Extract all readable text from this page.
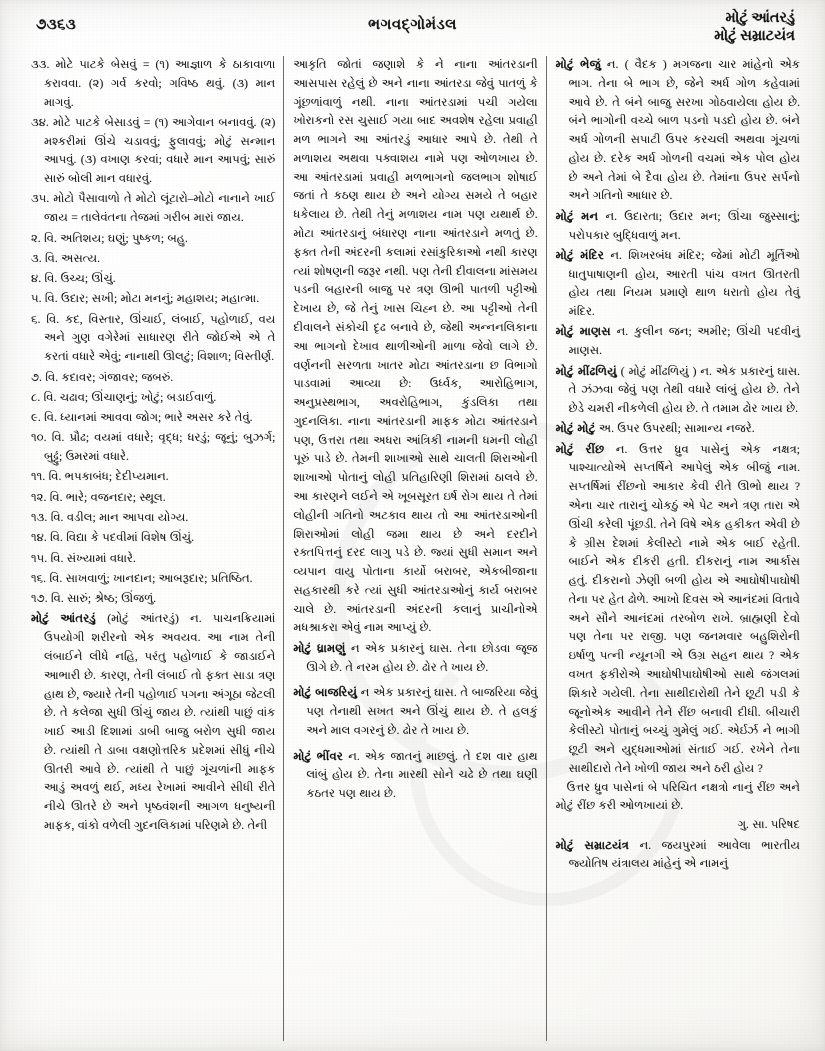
૭૩૬૩	ભગવદ્ગોમંડલ	મોટું આંતરડું
મોટું સમ્રાટયંત્ર

૩૩. મોટે પાટકે બેસવું = (૧) આજ્ઞાળ કે ઠાકાવાળા કરાવવા. (૨) ગર્વ કરવો; ગવિષ્ઠ થવું. (૩) માન માગવું.

૩૪. મોટે પાટકે બેસાડવું = (૧) આગેવાન બનાવવું. (૨) મશ્કરીમાં ઊંચે ચડાવવું; ફુલાવવું; મોટું સન્માન આપવું. (૩) વખાણ કરવાં; વધારે માન આપવું; સારું સારું બોલી માન વધારવું.

૩૫. મોટો પૈસાવાળો તે મોટો લૂંટારો–મોટો નાનાને ખાઈ જાય = તાલેવંતના તેજમાં ગરીબ મારાં જાય.

૨. વિ. અતિશય; ઘણું; પુષ્કળ; બહુ.

૩. વિ. અસત્ય.

૪. વિ. ઉચ્ચ; ઊંચું.

૫. વિ. ઉદાર; સખી; મોટા મનનું; મહાશય; મહાત્મા.

૬. વિ. કદ, વિસ્તાર, ઊંચાઈ, લંબાઈ, પહોળાઈ, વય અને ગુણ વગેરેમાં સાધારણ રીતે જોઈએ એ તે કરતાં વધારે એવું; નાનાથી ઊલટું; વિશાળ; વિસ્તીર્ણ.

૭. વિ. કદાવર; ગંજાવર; જબરું.

૮. વિ. ચઢાવ; ઊંચાણનું; ખોટું; બડાઈવાળું.

૯. વિ. ધ્યાનમાં આવવા જોગ; ભારે અસર કરે તેવું.

૧૦. વિ. પ્રૌઢ; વયમાં વધારે; વૃદ્ધ; ધરડું; જૂનું; બુઝર્ગ; બુઢ્ઢું; ઉમરમાં વધારે.

૧૧. વિ. ભપકાબંધ; દેદીપ્યમાન.

૧૨. વિ. ભારે; વજનદાર; સ્થૂલ.

૧૩. વિ. વડીલ; માન આપવા યોગ્ય.

૧૪. વિ. વિદ્યા કે પદવીમાં વિશેષ ઊંચું.

૧૫. વિ. સંખ્યામાં વધારે.

૧૬. વિ. સાખવાળું; ખાનદાન; આબરૂદાર; પ્રતિષ્ઠિત.

૧૭. વિ. સારું; શ્રેષ્ઠ; ઊંજળું.

મોટું આંતરડું (મોટું આંતરડું) ન. પાચનક્રિયામાં ઉપયોગી શરીરનો એક અવયવ. આ નામ તેની લંબાઈને લીધે નહિ, પરંતુ પહોળાઈ કે જાડાઈને આભારી છે. કારણ, તેની લંબાઈ તો ફક્ત સાડા ત્રણ હાથ છે, જ્યારે તેની પહોળાઈ પગના અંગૂઠા જેટલી છે. તે કલેજા સુધી ઊંચું જાય છે. ત્યાંથી પાછું વાંક ખાઈ આડી દિશામાં ડાબી બાજુ બરોળ સુધી જાય છે. ત્યાંથી તે ડાબા વક્ષણોત્તરિક પ્રદેશમાં સીધું નીચે ઊતરી આવે છે. ત્યાંથી તે પાછું ગૂંચળાંની માફક આડું અવળું થઈ, મધ્ય રેખામાં આવીને સીધી રીતે નીચે ઊતરે છે અને પૃષ્ઠવંશની આગળ ધનુષ્યની માફક, વાંકો વળેલી ગુદનલિકામાં પરિણમે છે. તેની

આકૃતિ જોતાં જણાશે કે ને નાના આંતરડાની આસપાસ રહેલું છે અને નાના આંતરડા જેવું પાતળું કે ગૂંછળાંવાળું નથી. નાના આંતરડામાં પચી ગયેલા ખોરાકનો રસ ચુસાઈ ગયા બાદ અવશેષ રહેલા પ્રવાહી મળ ભાગને આ આંતરડું આધાર આપે છે. તેથી તે મળાશય અથવા પક્વાશય નામે પણ ઓળખાય છે. આ આંતરડામાં પ્રવાહી મળભાગનો જલભાગ શોષાઈ જતાં તે કઠણ થાય છે અને યોગ્ય સમયે તે બહાર ધકેલાય છે. તેથી તેનું મળાશય નામ પણ યથાર્થ છે. મોટા આંતરડાનું બંધારણ નાના આંતરડાને મળતું છે. ફક્ત તેની અંદરની કલામાં રસાંકુરિકાઓ નથી કારણ ત્યાં શોષણની જરૂર નથી. પણ તેની દીવાલના માંસમય પડની બહારની બાજુ પર ત્રણ ઊભી પાતળી પટ્ટીઓ દેખાય છે, જે તેનું ખાસ ચિહ્ન છે. આ પટ્ટીઓ તેની દીવાલને સંકોચી દૃઢ બનાવે છે, જેથી અન્નનલિકાના આ ભાગનો દેખાવ થાળીઓની માળા જેવો લાગે છે. વર્ણનની સરળતા ખાતર મોટા આંતરડાના છ વિભાગો પાડવામાં આવ્યા છે: ઉર્ધ્વક, આરોહિભાગ, અનુપ્રસ્થભાગ, અવરોહિભાગ, કુંડલિકા તથા ગુદનલિકા. નાના આંતરડાની માફક મોટા આંતરડાને પણ, ઉત્તરા તથા અધરા આંત્રિકી નામની ધમની લોહી પૂરું પાડે છે. તેમની શાખાઓ સાથે ચાલતી શિરાઓની શાખાઓ પોતાનું લોહી પ્રતિહારિણી શિરામાં ઠાલવે છે. આ કારણને લઈને એ ખૂબસૂરત ઇર્ષ રોગ થાય તે તેમાં લોહીની ગતિનો અટકાવ થાય તો આ આંતરડાઓની શિરાઓમાં લોહી જમા થાય છે અને દરદીને રક્તપિત્તનું દરદ લાગુ પડે છે. જ્યાં સુધી સમાન અને વ્યપાન વાયુ પોતાના કાર્યો બરાબર, એકબીજાના સહકારથી કરે ત્યાં સુધી આંતરડાઓનું કાર્ય બરાબર ચાલે છે. આંતરડાની અંદરની કલાનું પ્રાચીનોએ મધશ્રાકરા એવું નામ આપ્યું છે.

મોટું ધ્રામણું ન એક પ્રકારનું ઘાસ. તેના છોડવા જૂજ ઊગે છે. તે નરમ હોય છે. ઢોર તે ખાય છે.

મોટું બાજરિયું ન એક પ્રકારનું ઘાસ. તે બાજરિયા જેવું પણ તેનાથી સખત અને ઊંચું થાય છે. તે હલકું અને માલ વગરનું છે. ઢોર તે ખાય છે.

મોટું ભીંવર ન. એક જાતનું માછલું. તે દશ વાર હાથ લાંબું હોય છે. તેના મારથી સોને ચઢે છે તથા ઘણી કઠતર પણ થાય છે.

મોટું ભેજું ન. ( વૈદક ) મગજના ચાર માંહેનો એક ભાગ. તેના બે ભાગ છે, જેને અર્ધ ગોળ કહેવામાં આવે છે. તે બંને બાજુ સરખા ગોઠવાયેલા હોય છે. બંને ભાગોની વચ્ચે બાળ પડનો પડદો હોય છે. બંને અર્ધ ગોળની સપાટી ઉપર કરચલી અથવા ગૂંચળાં હોય છે. દરેક અર્ધ ગોળની વચમાં એક પોલ હોય છે અને તેમાં બે દૈવા હોય છે. તેમાંના ઉપર સર્પનો અને ગતિનો આધાર છે.

મોટું મન ન. ઉદારતા; ઉદાર મન; ઊંચા જુસ્સાનું; પરોપકાર બુદ્ધિવાળું મન.

મોટું મંદિર ન. શિખરબંધ મંદિર; જેમાં મોટી મૂર્તિઓ ધાતુપાષાણની હોય, આરતી પાંચ વખત ઊતરતી હોય તથા નિયમ પ્રમાણે થાળ ધરાતો હોય તેવું મંદિર.

મોટું માણસ ન. કુલીન જન; અમીર; ઊંચી પદવીનું માણસ.

મોટું મીંઢળિયું ( મોટું મીંઢળિયું ) ન. એક પ્રકારનું ઘાસ. તે ઝંઝવા જેવું પણ તેથી વધારે લાંબું હોય છે. તેને છેડે ચમરી નીકળેલી હોય છે. તે તમામ ઢોર ખાય છે.

મોટું મોટું અ. ઉપર ઉપરથી; સામાન્ય નજરે.

મોટું રીંછ ન. ઉત્તર ધ્રુવ પાસેનું એક નક્ષત્ર; પાશ્ચાત્યોએ સપ્તર્ષિને આપેલું એક બીજું નામ. સપ્તર્ષિમાં રીંછનો આકાર કેવી રીતે ઊભો થાય ? એના ચાર તારાનું ચોકઠું એ પેટ અને ત્રણ તારા એ ઊંચી કરેલી પૂંછડી. તેને વિષે એક હકીકત એવી છે કે ગ્રીસ દેશમાં કેલીસ્ટો નામે એક બાઈ રહેતી. બાઈને એક દીકરી હતી. દીકરાનું નામ આર્કાસ હતું. દીકરાનો ઝેણી બળી હોય એ આઘોષીપાઘોષી તેના પર હેત ઢોળે. આખો દિવસ એ આનંદમાં વિતાવે અને સૌને આનંદમાં તરબોળ રાખે. બ્રાહ્મણી દેવો પણ તેના પર રાજી. પણ જનમવાર બહુશિરોની ઇર્ષાળુ પત્ની ન્યૂનગી એ ઉગ્ર સહન થાય ? એક વખત ફકીરોએ આઘોષીપાઘોષીઓ સાથે જંગલમાં શિકારે ગયેલી. તેના સાથીદારોથી તેને છૂટી પડી કે જૂનોએક આવીને તેને રીંછ બનાવી દીધી. બીચારી કેલીસ્ટો પોતાનું બચ્ચું ગુમેલું ગઈ. એર્ઇર્ઝ ને ભાગી છૂટી અને યુદ્ધમાઓમાં સંતાઈ ગઈ. રખેને તેના સાથીદારો તેને ખોળી જાય અને ઠરી હોય ?

ઉત્તર ધ્રુવ પાસેનાં બે પરિચિત નક્ષત્રો નાનું રીંછ અને મોટું રીંછ કરી ઓળખાયાં છે.

ગુ. સા. પરિષદ

મોટું સમ્રાટયંત્ર ન. જયપુરમાં આવેલા ભારતીય જ્યોતિષ યંત્રાલય માંહેનું એ નામનું
